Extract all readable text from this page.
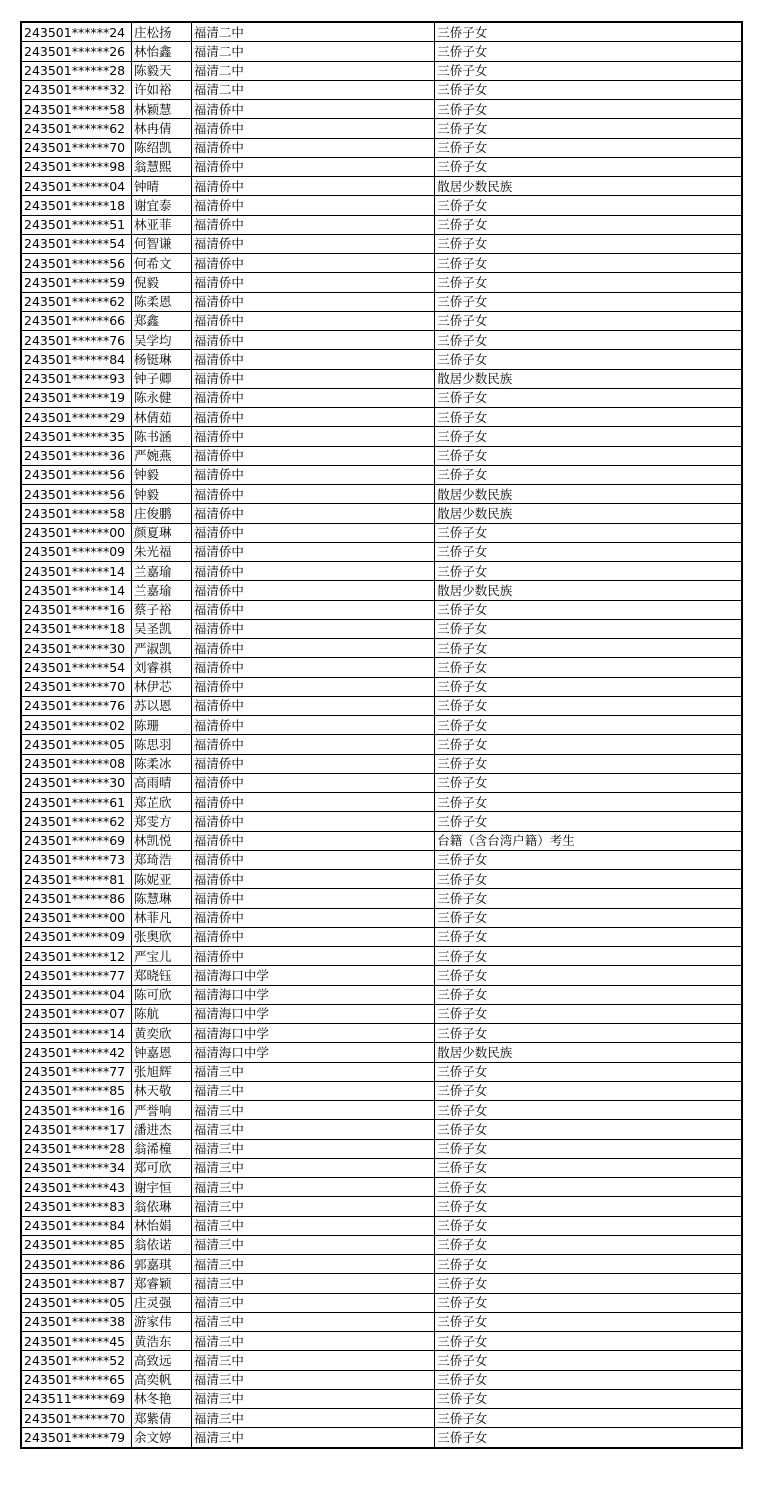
243501******24	庄松扬	福清二中	三侨子女
243501******26	林怡鑫	福清二中	三侨子女
243501******28	陈毅天	福清二中	三侨子女
243501******32	许如裕	福清二中	三侨子女
243501******58	林颖慧	福清侨中	三侨子女
243501******62	林冉倩	福清侨中	三侨子女
243501******70	陈绍凯	福清侨中	三侨子女
243501******98	翁慧熙	福清侨中	三侨子女
243501******04	钟晴	福清侨中	散居少数民族
243501******18	谢宜泰	福清侨中	三侨子女
243501******51	林亚菲	福清侨中	三侨子女
243501******54	何智谦	福清侨中	三侨子女
243501******56	何希文	福清侨中	三侨子女
243501******59	倪毅	福清侨中	三侨子女
243501******62	陈柔恩	福清侨中	三侨子女
243501******66	郑鑫	福清侨中	三侨子女
243501******76	吴学均	福清侨中	三侨子女
243501******84	杨铤琳	福清侨中	三侨子女
243501******93	钟子卿	福清侨中	散居少数民族
243501******19	陈永健	福清侨中	三侨子女
243501******29	林倩茹	福清侨中	三侨子女
243501******35	陈书涵	福清侨中	三侨子女
243501******36	严婉燕	福清侨中	三侨子女
243501******56	钟毅	福清侨中	三侨子女
243501******56	钟毅	福清侨中	散居少数民族
243501******58	庄俊鹏	福清侨中	散居少数民族
243501******00	颜夏琳	福清侨中	三侨子女
243501******09	朱光福	福清侨中	三侨子女
243501******14	兰嘉瑜	福清侨中	三侨子女
243501******14	兰嘉瑜	福清侨中	散居少数民族
243501******16	蔡子裕	福清侨中	三侨子女
243501******18	吴圣凯	福清侨中	三侨子女
243501******30	严淑凯	福清侨中	三侨子女
243501******54	刘睿祺	福清侨中	三侨子女
243501******70	林伊芯	福清侨中	三侨子女
243501******76	苏以恩	福清侨中	三侨子女
243501******02	陈珊	福清侨中	三侨子女
243501******05	陈思羽	福清侨中	三侨子女
243501******08	陈柔冰	福清侨中	三侨子女
243501******30	高雨晴	福清侨中	三侨子女
243501******61	郑芷欣	福清侨中	三侨子女
243501******62	郑雯方	福清侨中	三侨子女
243501******69	林凯悦	福清侨中	台籍（含台湾户籍）考生
243501******73	郑琦浩	福清侨中	三侨子女
243501******81	陈妮亚	福清侨中	三侨子女
243501******86	陈慧琳	福清侨中	三侨子女
243501******00	林菲凡	福清侨中	三侨子女
243501******09	张奥欣	福清侨中	三侨子女
243501******12	严宝儿	福清侨中	三侨子女
243501******77	郑晓钰	福清海口中学	三侨子女
243501******04	陈可欣	福清海口中学	三侨子女
243501******07	陈航	福清海口中学	三侨子女
243501******14	黄奕欣	福清海口中学	三侨子女
243501******42	钟嘉恩	福清海口中学	散居少数民族
243501******77	张旭辉	福清三中	三侨子女
243501******85	林天敬	福清三中	三侨子女
243501******16	严誉响	福清三中	三侨子女
243501******17	潘进杰	福清三中	三侨子女
243501******28	翁浠橦	福清三中	三侨子女
243501******34	郑可欣	福清三中	三侨子女
243501******43	谢宇恒	福清三中	三侨子女
243501******83	翁依琳	福清三中	三侨子女
243501******84	林怡娟	福清三中	三侨子女
243501******85	翁依诺	福清三中	三侨子女
243501******86	郭嘉琪	福清三中	三侨子女
243501******87	郑睿颖	福清三中	三侨子女
243501******05	庄灵强	福清三中	三侨子女
243501******38	游家伟	福清三中	三侨子女
243501******45	黄浩东	福清三中	三侨子女
243501******52	高致远	福清三中	三侨子女
243501******65	高奕帆	福清三中	三侨子女
243511******69	林冬艳	福清三中	三侨子女
243501******70	郑紫倩	福清三中	三侨子女
243501******79	余文婷	福清三中	三侨子女
